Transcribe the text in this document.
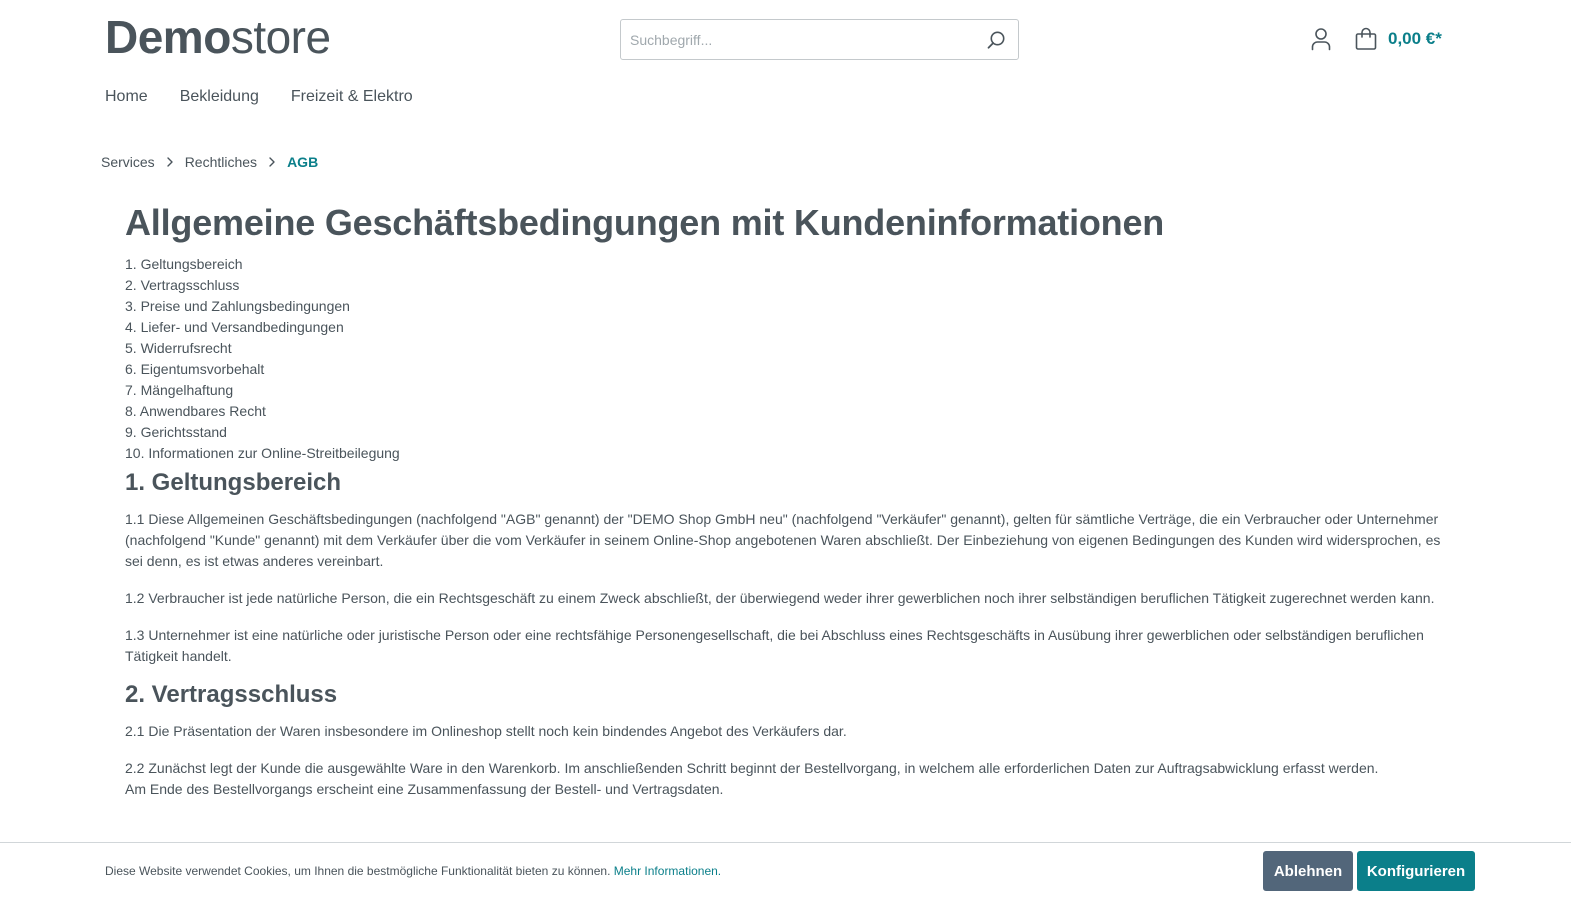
Demostore
Suchbegriff...	0,00 €*
Home Bekleidung Freizeit & Elektro
Services Rechtliches AGB
Allgemeine Geschäftsbedingungen mit Kundeninformationen
1. Geltungsbereich
2. Vertragsschluss
3. Preise und Zahlungsbedingungen
4. Liefer- und Versandbedingungen
5. Widerrufsrecht
6. Eigentumsvorbehalt
7. Mängelhaftung
8. Anwendbares Recht
9. Gerichtsstand
10. Informationen zur Online-Streitbeilegung
1. Geltungsbereich

1.1 Diese Allgemeinen Geschäftsbedingungen (nachfolgend "AGB" genannt) der "DEMO Shop GmbH neu" (nachfolgend "Verkäufer" genannt), gelten für sämtliche Verträge, die ein Verbraucher oder Unternehmer (nachfolgend "Kunde" genannt) mit dem Verkäufer über die vom Verkäufer in seinem Online-Shop angebotenen Waren abschließt. Der Einbeziehung von eigenen Bedingungen des Kunden wird widersprochen, es sei denn, es ist etwas anderes vereinbart.

1.2 Verbraucher ist jede natürliche Person, die ein Rechtsgeschäft zu einem Zweck abschließt, der überwiegend weder ihrer gewerblichen noch ihrer selbständigen beruflichen Tätigkeit zugerechnet werden kann.

1.3 Unternehmer ist eine natürliche oder juristische Person oder eine rechtsfähige Personengesellschaft, die bei Abschluss eines Rechtsgeschäfts in Ausübung ihrer gewerblichen oder selbständigen beruflichen Tätigkeit handelt.

2. Vertragsschluss

2.1 Die Präsentation der Waren insbesondere im Onlineshop stellt noch kein bindendes Angebot des Verkäufers dar.

2.2 Zunächst legt der Kunde die ausgewählte Ware in den Warenkorb. Im anschließenden Schritt beginnt der Bestellvorgang, in welchem alle erforderlichen Daten zur Auftragsabwicklung erfasst werden.

Am Ende des Bestellvorgangs erscheint eine Zusammenfassung der Bestell- und Vertragsdaten.

Diese Website verwendet Cookies, um Ihnen die bestmögliche Funktionalität bieten zu können. Mehr Informationen.	Ablehnen	Konfigurieren
